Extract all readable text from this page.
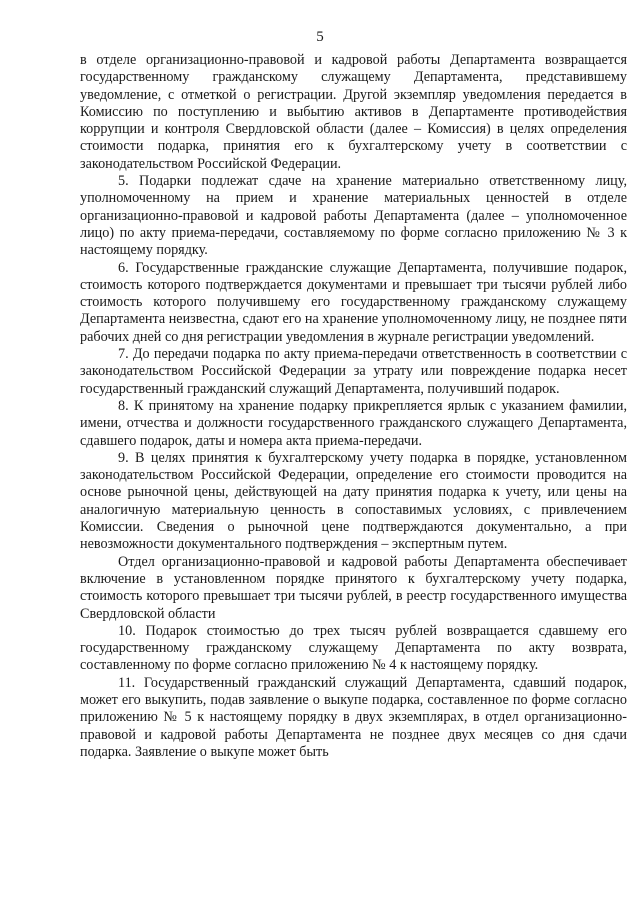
5

в отделе организационно-правовой и кадровой работы Департамента возвращается государственному гражданскому служащему Департамента, представившему уведомление, с отметкой о регистрации. Другой экземпляр уведомления передается в Комиссию по поступлению и выбытию активов в Департаменте противодействия коррупции и контроля Свердловской области (далее – Комиссия) в целях определения стоимости подарка, принятия его к бухгалтерскому учету в соответствии с законодательством Российской Федерации.

5. Подарки подлежат сдаче на хранение материально ответственному лицу, уполномоченному на прием и хранение материальных ценностей в отделе организационно-правовой и кадровой работы Департамента (далее – уполномоченное лицо) по акту приема-передачи, составляемому по форме согласно приложению № 3 к настоящему порядку.

6. Государственные гражданские служащие Департамента, получившие подарок, стоимость которого подтверждается документами и превышает три тысячи рублей либо стоимость которого получившему его государственному гражданскому служащему Департамента неизвестна, сдают его на хранение уполномоченному лицу, не позднее пяти рабочих дней со дня регистрации уведомления в журнале регистрации уведомлений.

7. До передачи подарка по акту приема-передачи ответственность в соответствии с законодательством Российской Федерации за утрату или повреждение подарка несет государственный гражданский служащий Департамента, получивший подарок.

8. К принятому на хранение подарку прикрепляется ярлык с указанием фамилии, имени, отчества и должности государственного гражданского служащего Департамента, сдавшего подарок, даты и номера акта приема-передачи.

9. В целях принятия к бухгалтерскому учету подарка в порядке, установленном законодательством Российской Федерации, определение его стоимости проводится на основе рыночной цены, действующей на дату принятия подарка к учету, или цены на аналогичную материальную ценность в сопоставимых условиях, с привлечением Комиссии. Сведения о рыночной цене подтверждаются документально, а при невозможности документального подтверждения – экспертным путем.

Отдел организационно-правовой и кадровой работы Департамента обеспечивает включение в установленном порядке принятого к бухгалтерскому учету подарка, стоимость которого превышает три тысячи рублей, в реестр государственного имущества Свердловской области

10. Подарок стоимостью до трех тысяч рублей возвращается сдавшему его государственному гражданскому служащему Департамента по акту возврата, составленному по форме согласно приложению № 4 к настоящему порядку.

11. Государственный гражданский служащий Департамента, сдавший подарок, может его выкупить, подав заявление о выкупе подарка, составленное по форме согласно приложению № 5 к настоящему порядку в двух экземплярах, в отдел организационно-правовой и кадровой работы Департамента не позднее двух месяцев со дня сдачи подарка. Заявление о выкупе может быть
